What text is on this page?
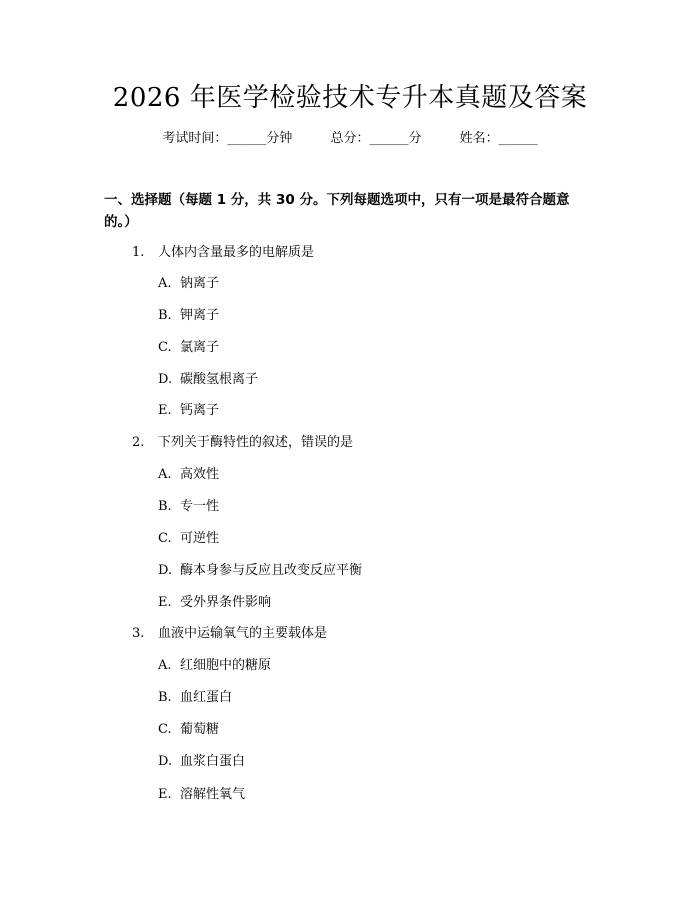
2026 年医学检验技术专升本真题及答案
考试时间：______分钟	总分：______分	姓名：______
一、选择题（每题 1 分，共 30 分。下列每题选项中，只有一项是最符合题意的。）
1. 人体内含量最多的电解质是
A. 钠离子
B. 钾离子
C. 氯离子
D. 碳酸氢根离子
E. 钙离子
2. 下列关于酶特性的叙述，错误的是
A. 高效性
B. 专一性
C. 可逆性
D. 酶本身参与反应且改变反应平衡
E. 受外界条件影响
3. 血液中运输氧气的主要载体是
A. 红细胞中的糖原
B. 血红蛋白
C. 葡萄糖
D. 血浆白蛋白
E. 溶解性氧气
